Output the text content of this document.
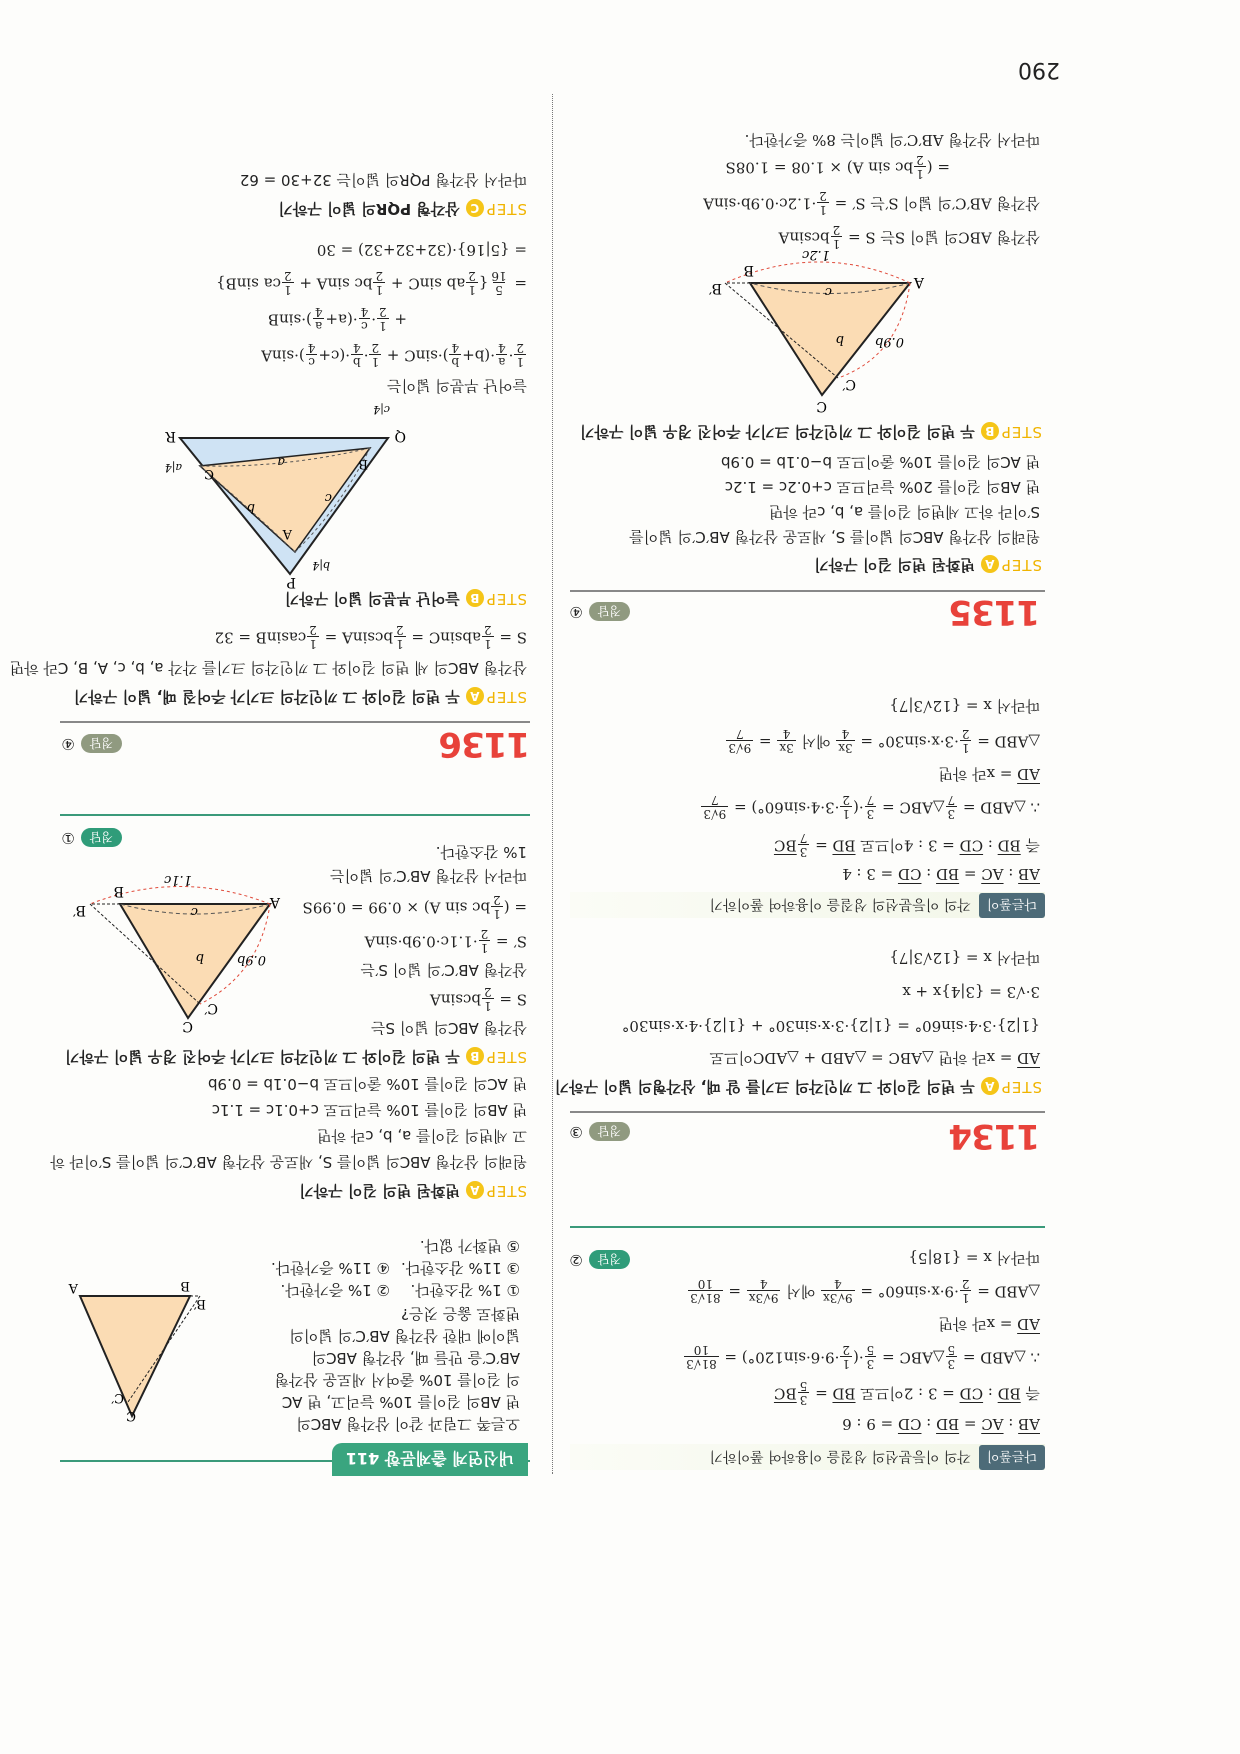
다른풀이각의 이등분선의 성질을 이용하여 풀이하기
$\overline{AB}$ : $\overline{AC} = \overline{BD}$ : $\overline{CD} = 9$ : 6
즉 $\overline{BD}$ : $\overline{CD} = 3$ : 2이므로 $\overline{BD}$ =
3
5
$\overline{BC}$
∴ △ABD =
3
5
△ABC =
3
5
·(
1
2
·9·6·sin120°) =
81√3
10
$\overline{AD} = x$라 하면
△ABD =
1
2
·9·x·sin60° =
9√3x
4
에서
9√3x
4
=
81√3
10
따라서 x = {18|5}
정답②
1134
정답③
STEPA두 변의 길이와 그 끼인각의 크기를 알 때, 삼각형의 넓이 구하기
$\overline{AD} = x$라 하면 △ABC = △ABD + △ADC이므로
{1|2}·3·4·sin60° = {1|2}·3·x·sin30° + {1|2}·4·x·sin30°
3·√3 = {3|4}x + x
따라서 x = {12√3|7}
다른풀이각의 이등분선의 성질을 이용하여 풀이하기
$\overline{AB}$ : $\overline{AC} = \overline{BD}$ : $\overline{CD} = 3$ : 4
즉 $\overline{BD}$ : $\overline{CD} = 3$ : 4이므로 $\overline{BD}$ =
3
7
$\overline{BC}$
∴ △ABD =
3
7
△ABC =
3
7
·(
1
2
·3·4·sin60°) =
9√3
7
$\overline{AD} = x$라 하면
△ABD =
1
2
·3·x·sin30° =
3x
4
에서
3x
4
=
9√3
7
따라서 x = {12√3|7}
1135
정답④
STEPA변화된 변의 길이 구하기
원래의 삼각형 ABC의 넓이를 S, 새로운 삼각형 AB′C′의 넓이를
S′이라 하고 세변의 길이를 a, b, c라 하면
변 AB의 길이를 20% 늘리므로 c+0.2c = 1.2c
변 AC의 길이를 10% 줄이므로 b−0.1b = 0.9b
STEPB두 변의 길이와 그 끼인각의 크기가 주어진 경우 넓이 구하기
A
B
C
B′
C′
1.2c
c
b 0.9b
삼각형 ABC의 넓이 S는 S =
1
2
bcsinA
삼각형 AB′C′의 넓이 S′는 S′ =
1
2
·1.2c·0.9b·sinA
= (
1
2
bc sin A) × 1.08 = 1.08S
따라서 삼각형 AB′C′의 넓이는 8% 증가한다.
290
내신연계 출제문항 411
오른쪽 그림과 같이 삼각형 ABC의
변 AB의 길이를 10% 늘리고, 변 AC
의 길이를 10% 줄여서 새로운 삼각형
AB′C′을 만들 때, 삼각형 ABC의
넓이에 대한 삼각형 AB′C′의 넓이의
변화로 옳은 것은?
① 1% 감소한다.② 1% 증가한다.
③ 11% 감소한다.④ 11% 증가한다.
⑤ 변화가 없다.
A	B
C
B′
C′
STEPA변화된 변의 길이 구하기
원래의 삼각형 ABC의 넓이를 S, 새로운 삼각형 AB′C′의 넓이를 S′이라 하
고 세변의 길이를 a, b, c라 하면
변 AB의 길이를 10% 늘리므로 c+0.1c = 1.1c
변 AC의 길이를 10% 줄이므로 b−0.1b = 0.9b
STEPB두 변의 길이와 그 끼인각의 크기가 주어진 경우 넓이 구하기
삼각형 ABC의 넓이 S는
S =
1
2
bcsinA
삼각형 AB′C′의 넓이 S′는
S′ =
1
2
·1.1c·0.9b·sinA
= (
1
2
bc sin A) × 0.99 = 0.99S
따라서 삼각형 AB′C′의 넓이는
1% 감소한다.
A
B
C
B′
C′
1.1c
c
b	0.9b
정답①
1136
정답④
STEPA두 변의 길이와 그 끼인각의 크기가 주어질 때, 넓이 구하기
삼각형 ABC의 세 변의 길이와 그 끼인각의 크기를 각각 a, b, c, A, B, C라 하면
S =
1
2
absinC =
1
2
bcsinA =
1
2
casinB = 32
STEPB늘어난 부분의 넓이 구하기
Q
R
P
A
B
C
a
b
c
b|4
c|4
a|4
늘어난 부분의 넓이는
1
2
·
a
4
·(b+
b
4
)·sinC +
1
2
·
b
4
·(c+
c
4
)·sinA
+
1
2
·
c
4
·(a+
a
4
)·sinB
=
5
16
{
1
2
ab sinC +
1
2
bc sinA +
1
2
ca sinB}
= {5|16}·(32+32+32) = 30
STEPC삼각형 PQR의 넓이 구하기
따라서 삼각형 PQR의 넓이는 32+30 = 62
